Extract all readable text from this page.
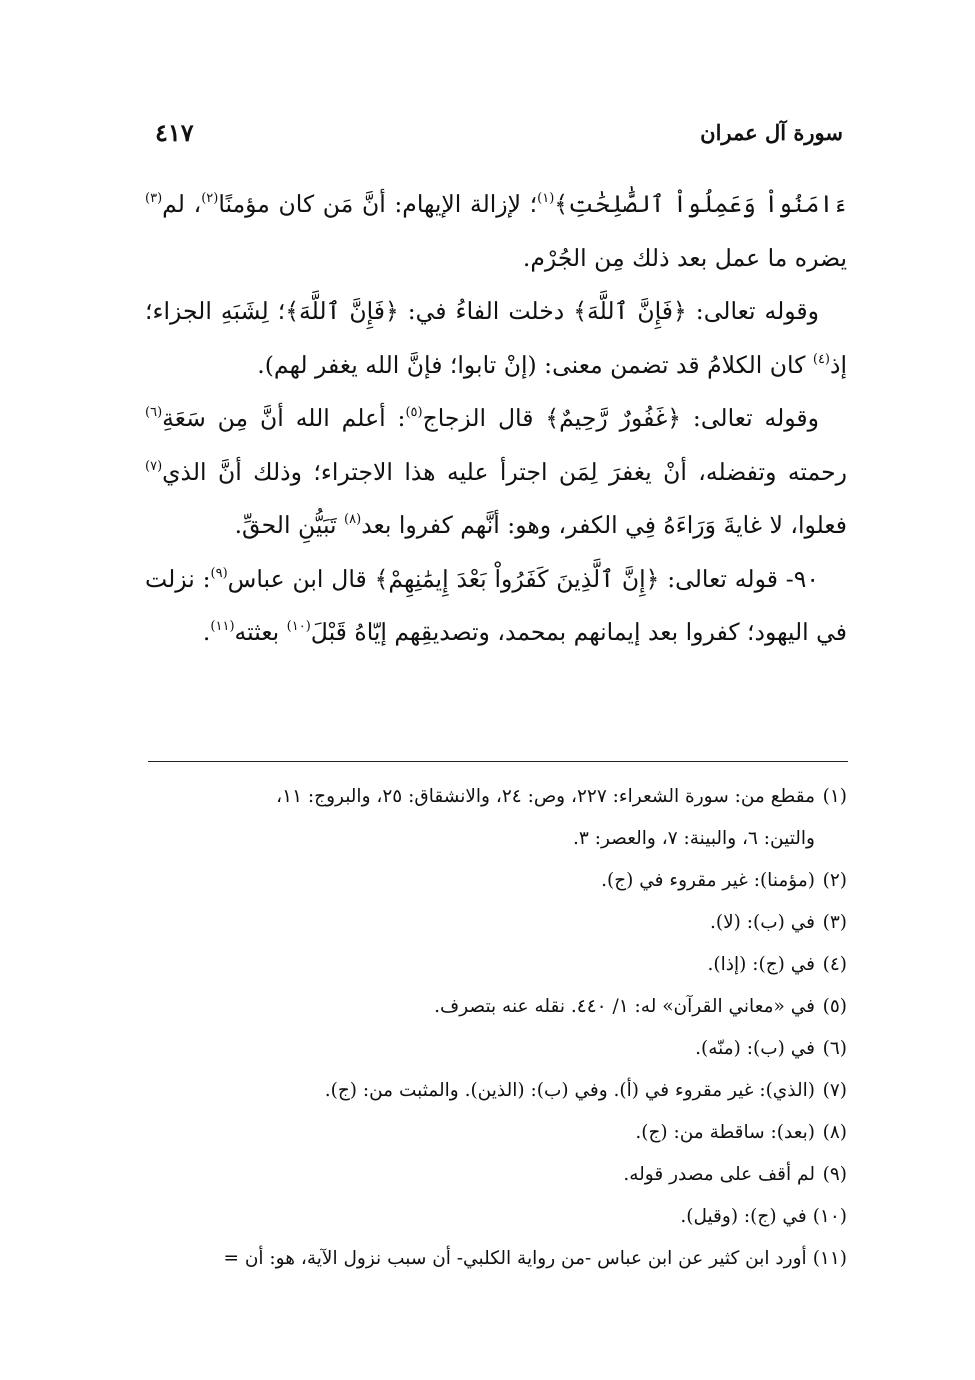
سورة آل عمران
٤١٧

ءَامَنُواْ وَعَمِلُواْ ٱلصَّٰلِحَٰتِ﴾$^{(١)}$؛ لإزالة الإيهام: أنَّ مَن كان مؤمنًا$^{(٢)}$، لم$^{(٣)}$ يضره ما عمل بعد ذلك مِن الجُرْم.

وقوله تعالى: ﴿فَإِنَّ ٱللَّهَ﴾ دخلت الفاءُ في: ﴿فَإِنَّ ٱللَّهَ﴾؛ لِشَبَهِ الجزاء؛ إذ$^{(٤)}$ كان الكلامُ قد تضمن معنى: (إنْ تابوا؛ فإنَّ الله يغفر لهم).

وقوله تعالى: ﴿غَفُورٌ رَّحِيمٌ﴾ قال الزجاج$^{(٥)}$: أعلم الله أنَّ مِن سَعَةِ$^{(٦)}$ رحمته وتفضله، أنْ يغفرَ لِمَن اجترأ عليه هذا الاجتراء؛ وذلك أنَّ الذي$^{(٧)}$ فعلوا، لا غايةَ وَرَاءَهُ فِي الكفر، وهو: أنَّهم كفروا بعد$^{(٨)}$ تَبَيُّنِ الحقِّ.

٩٠- قوله تعالى: ﴿إِنَّ ٱلَّذِينَ كَفَرُواْ بَعْدَ إِيمَٰنِهِمْ﴾ قال ابن عباس$^{(٩)}$: نزلت في اليهود؛ كفروا بعد إيمانهم بمحمد، وتصديقِهم إيّاهُ قَبْلَ$^{(١٠)}$ بعثته$^{(١١)}$.

(١)مقطع من: سورة الشعراء: ٢٢٧، وص: ٢٤، والانشقاق: ٢٥، والبروج: ١١،
والتين: ٦، والبينة: ٧، والعصر: ٣.
(٢)(مؤمنا): غير مقروء في (ج).
(٣)في (ب): (لا).
(٤)في (ج): (إذا).
(٥)في «معاني القرآن» له: ١/ ٤٤٠. نقله عنه بتصرف.
(٦)في (ب): (منّه).
(٧)(الذي): غير مقروء في (أ). وفي (ب): (الذين). والمثبت من: (ج).
(٨)(بعد): ساقطة من: (ج).
(٩)لم أقف على مصدر قوله.
(١٠)في (ج): (وقيل).
(١١)أورد ابن كثير عن ابن عباس -من رواية الكلبي- أن سبب نزول الآية، هو: أن =
